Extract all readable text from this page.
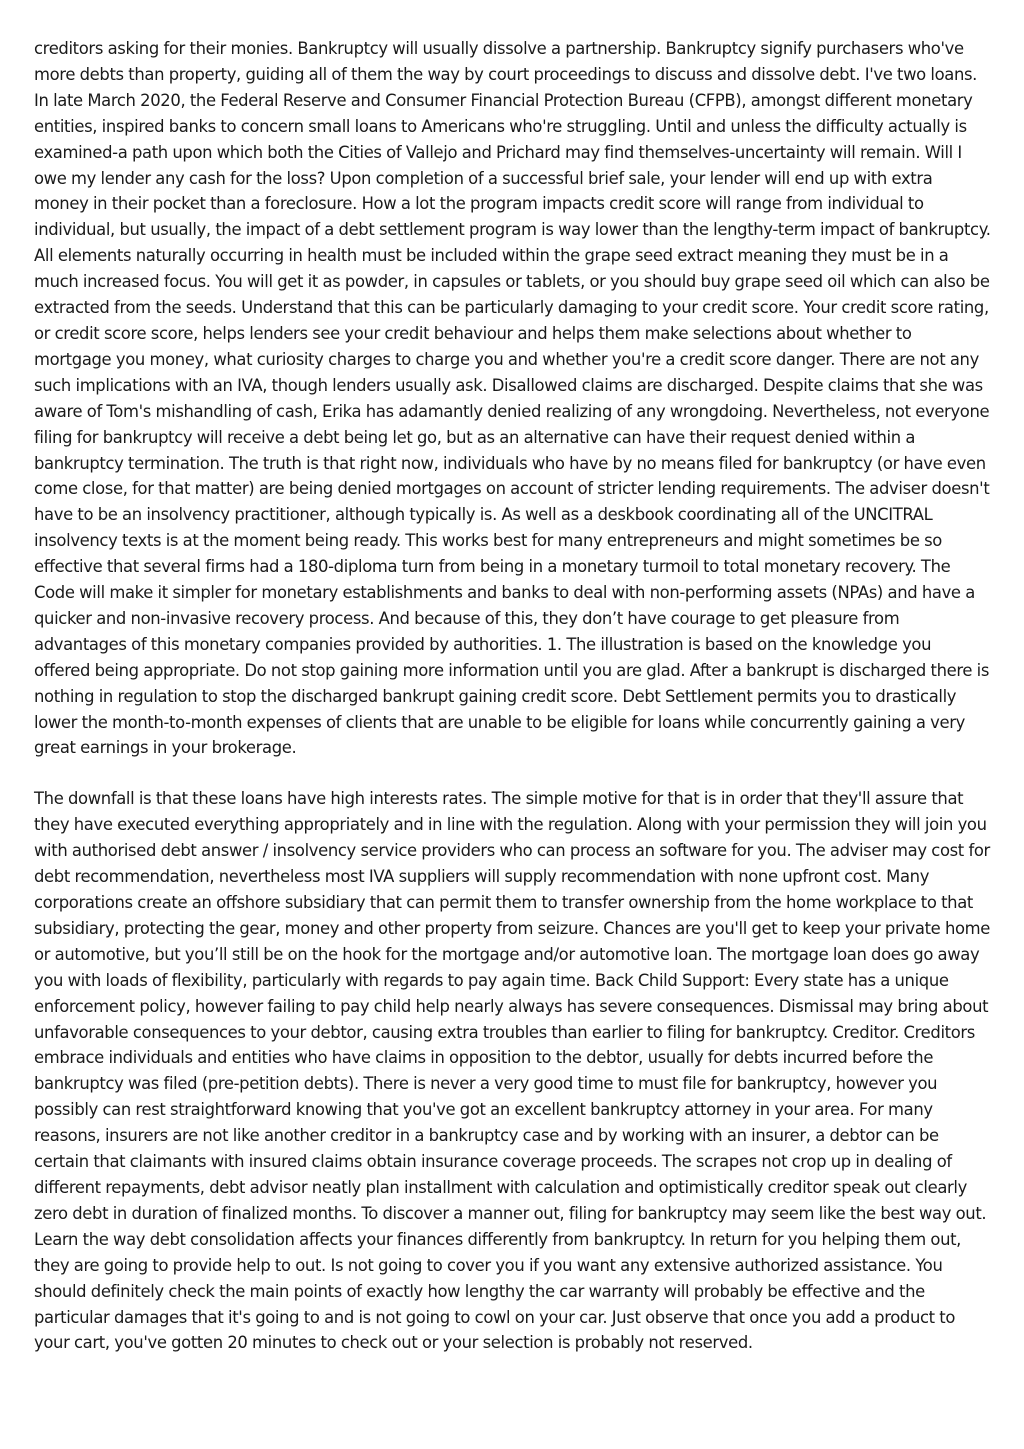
creditors asking for their monies. Bankruptcy will usually dissolve a partnership. Bankruptcy signify purchasers who've more debts than property, guiding all of them the way by court proceedings to discuss and dissolve debt. I've two loans. In late March 2020, the Federal Reserve and Consumer Financial Protection Bureau (CFPB), amongst different monetary entities, inspired banks to concern small loans to Americans who're struggling. Until and unless the difficulty actually is examined-a path upon which both the Cities of Vallejo and Prichard may find themselves-uncertainty will remain. Will I owe my lender any cash for the loss? Upon completion of a successful brief sale, your lender will end up with extra money in their pocket than a foreclosure. How a lot the program impacts credit score will range from individual to individual, but usually, the impact of a debt settlement program is way lower than the lengthy-term impact of bankruptcy. All elements naturally occurring in health must be included within the grape seed extract meaning they must be in a much increased focus. You will get it as powder, in capsules or tablets, or you should buy grape seed oil which can also be extracted from the seeds. Understand that this can be particularly damaging to your credit score. Your credit score rating, or credit score score, helps lenders see your credit behaviour and helps them make selections about whether to mortgage you money, what curiosity charges to charge you and whether you're a credit score danger. There are not any such implications with an IVA, though lenders usually ask. Disallowed claims are discharged. Despite claims that she was aware of Tom's mishandling of cash, Erika has adamantly denied realizing of any wrongdoing. Nevertheless, not everyone filing for bankruptcy will receive a debt being let go, but as an alternative can have their request denied within a bankruptcy termination. The truth is that right now, individuals who have by no means filed for bankruptcy (or have even come close, for that matter) are being denied mortgages on account of stricter lending requirements. The adviser doesn't have to be an insolvency practitioner, although typically is. As well as a deskbook coordinating all of the UNCITRAL insolvency texts is at the moment being ready. This works best for many entrepreneurs and might sometimes be so effective that several firms had a 180-diploma turn from being in a monetary turmoil to total monetary recovery. The Code will make it simpler for monetary establishments and banks to deal with non-performing assets (NPAs) and have a quicker and non-invasive recovery process. And because of this, they don’t have courage to get pleasure from advantages of this monetary companies provided by authorities. 1. The illustration is based on the knowledge you offered being appropriate. Do not stop gaining more information until you are glad. After a bankrupt is discharged there is nothing in regulation to stop the discharged bankrupt gaining credit score. Debt Settlement permits you to drastically lower the month-to-month expenses of clients that are unable to be eligible for loans while concurrently gaining a very great earnings in your brokerage.

The downfall is that these loans have high interests rates. The simple motive for that is in order that they'll assure that they have executed everything appropriately and in line with the regulation. Along with your permission they will join you with authorised debt answer / insolvency service providers who can process an software for you. The adviser may cost for debt recommendation, nevertheless most IVA suppliers will supply recommendation with none upfront cost. Many corporations create an offshore subsidiary that can permit them to transfer ownership from the home workplace to that subsidiary, protecting the gear, money and other property from seizure. Chances are you'll get to keep your private home or automotive, but you’ll still be on the hook for the mortgage and/or automotive loan. The mortgage loan does go away you with loads of flexibility, particularly with regards to pay again time. Back Child Support: Every state has a unique enforcement policy, however failing to pay child help nearly always has severe consequences. Dismissal may bring about unfavorable consequences to your debtor, causing extra troubles than earlier to filing for bankruptcy. Creditor. Creditors embrace individuals and entities who have claims in opposition to the debtor, usually for debts incurred before the bankruptcy was filed (pre-petition debts). There is never a very good time to must file for bankruptcy, however you possibly can rest straightforward knowing that you've got an excellent bankruptcy attorney in your area. For many reasons, insurers are not like another creditor in a bankruptcy case and by working with an insurer, a debtor can be certain that claimants with insured claims obtain insurance coverage proceeds. The scrapes not crop up in dealing of different repayments, debt advisor neatly plan installment with calculation and optimistically creditor speak out clearly zero debt in duration of finalized months. To discover a manner out, filing for bankruptcy may seem like the best way out. Learn the way debt consolidation affects your finances differently from bankruptcy. In return for you helping them out, they are going to provide help to out. Is not going to cover you if you want any extensive authorized assistance. You should definitely check the main points of exactly how lengthy the car warranty will probably be effective and the particular damages that it's going to and is not going to cowl on your car. Just observe that once you add a product to your cart, you've gotten 20 minutes to check out or your selection is probably not reserved.
